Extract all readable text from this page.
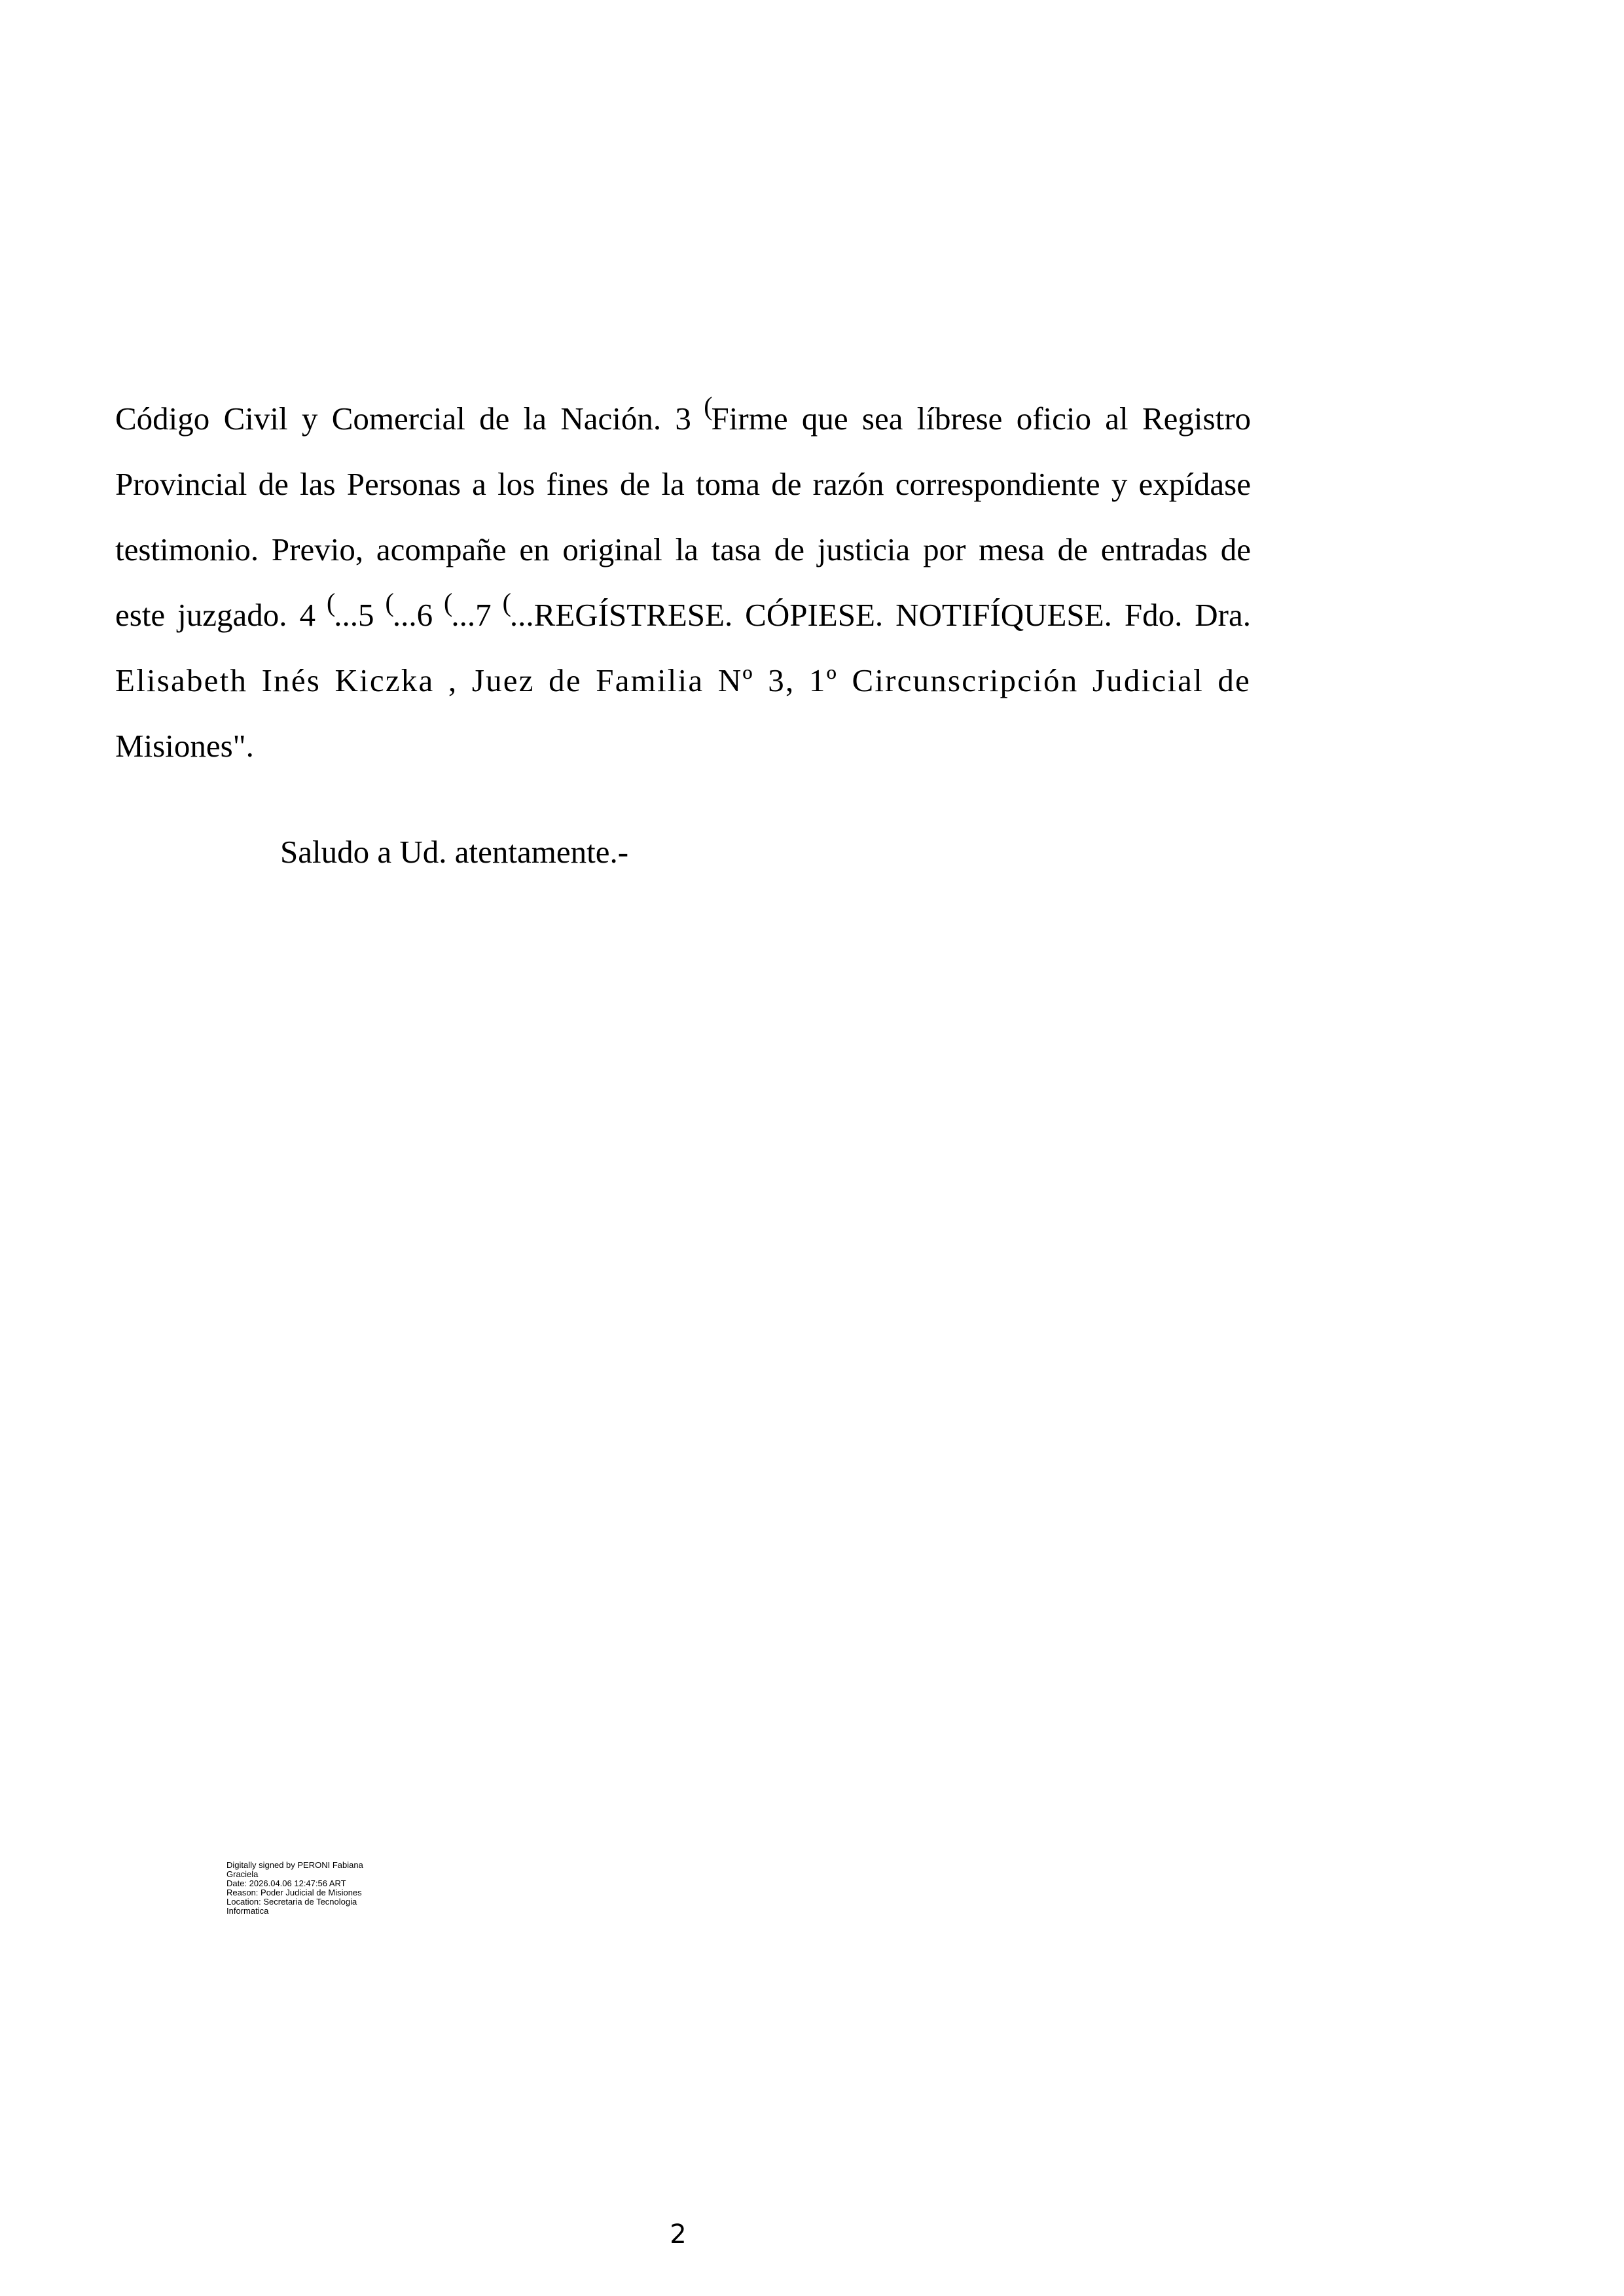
Código Civil y Comercial de la Nación. 3 (Firme que sea líbrese oficio al Registro
Provincial de las Personas a los fines de la toma de razón correspondiente y expídase
testimonio. Previo, acompañe en original la tasa de justicia por mesa de entradas de
este juzgado. 4 (...5 (...6 (...7 (...REGÍSTRESE. CÓPIESE. NOTIFÍQUESE. Fdo. Dra.
Elisabeth Inés Kiczka , Juez de Familia Nº 3, 1º Circunscripción Judicial de
Misiones".

Saludo a Ud. atentamente.-

Digitally signed by PERONI Fabiana
Graciela
Date: 2026.04.06 12:47:56 ART
Reason: Poder Judicial de Misiones
Location: Secretaria de Tecnologia
Informatica
2
